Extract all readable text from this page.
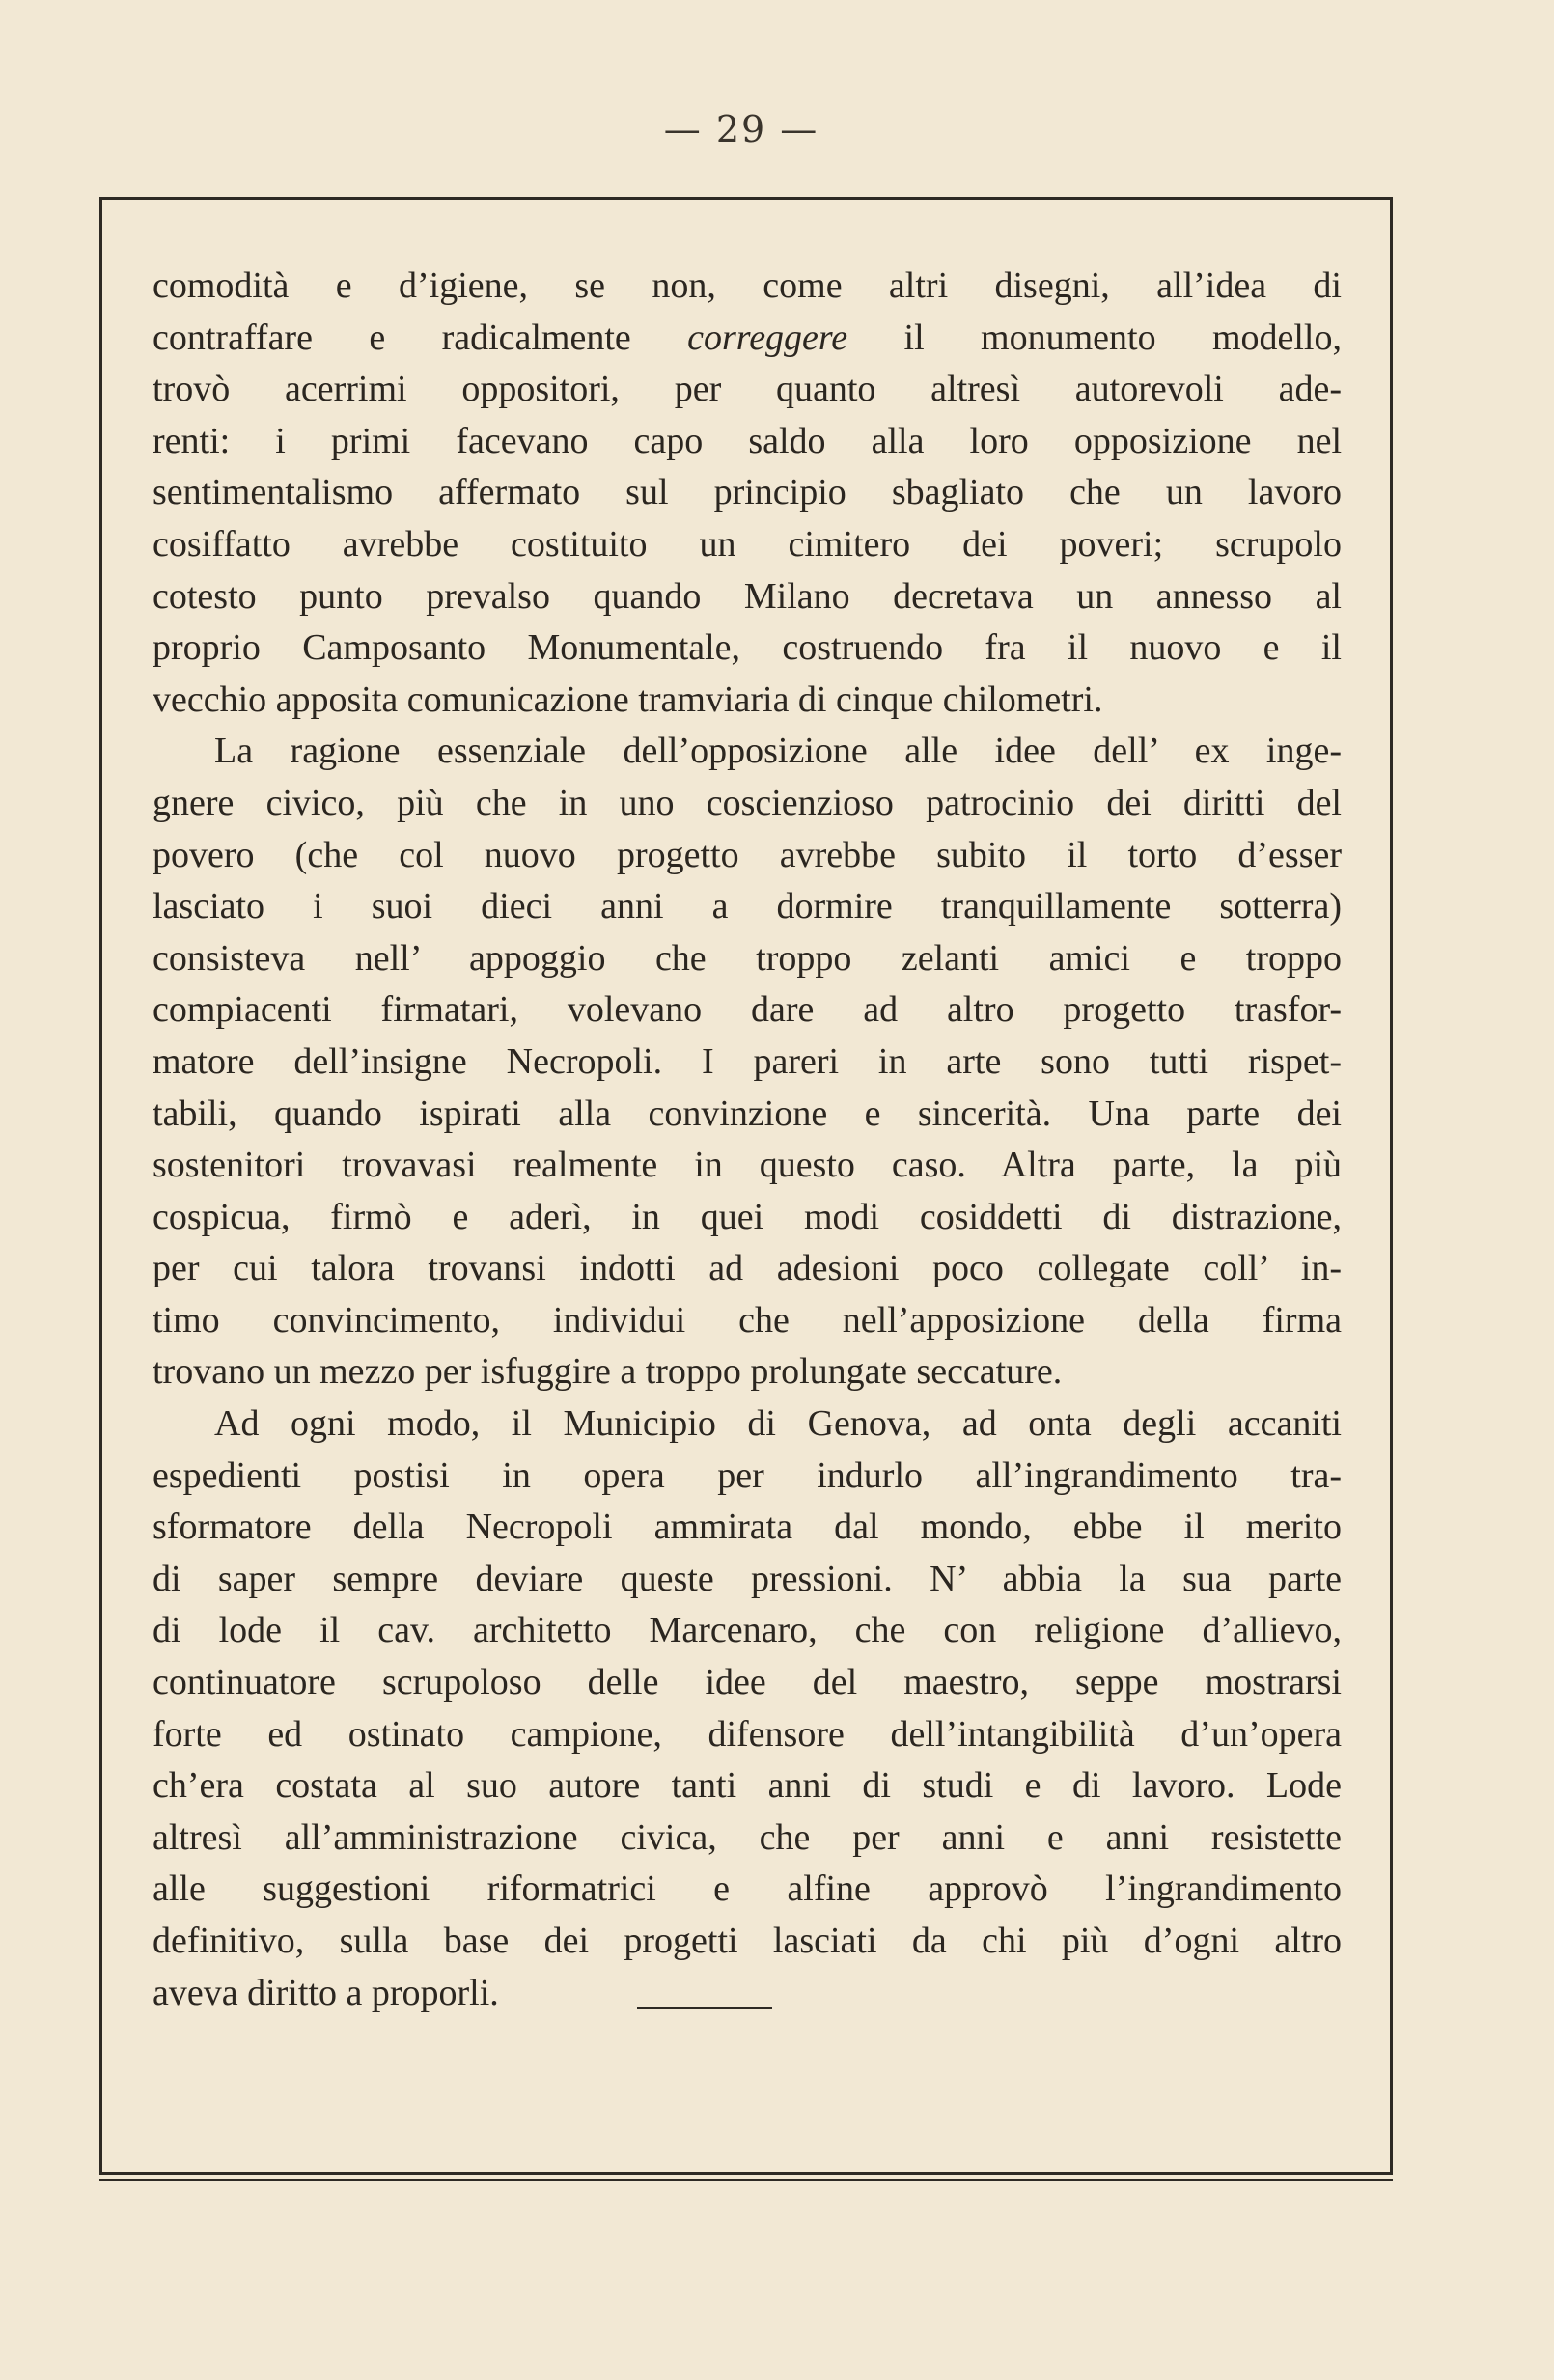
— 29 —
comodità e d’igiene, se non, come altri disegni, all’idea di
contraffare e radicalmente correggere il monumento modello,
trovò acerrimi oppositori, per quanto altresì autorevoli ade-
renti: i primi facevano capo saldo alla loro opposizione nel
sentimentalismo affermato sul principio sbagliato che un lavoro
cosiffatto avrebbe costituito un cimitero dei poveri; scrupolo
cotesto punto prevalso quando Milano decretava un annesso al
proprio Camposanto Monumentale, costruendo fra il nuovo e il
vecchio apposita comunicazione tramviaria di cinque chilometri.
La ragione essenziale dell’opposizione alle idee dell’ ex inge-
gnere civico, più che in uno coscienzioso patrocinio dei diritti del
povero (che col nuovo progetto avrebbe subito il torto d’esser
lasciato i suoi dieci anni a dormire tranquillamente sotterra)
consisteva nell’ appoggio che troppo zelanti amici e troppo
compiacenti firmatari, volevano dare ad altro progetto trasfor-
matore dell’insigne Necropoli. I pareri in arte sono tutti rispet-
tabili, quando ispirati alla convinzione e sincerità. Una parte dei
sostenitori trovavasi realmente in questo caso. Altra parte, la più
cospicua, firmò e aderì, in quei modi cosiddetti di distrazione,
per cui talora trovansi indotti ad adesioni poco collegate coll’ in-
timo convincimento, individui che nell’apposizione della firma
trovano un mezzo per isfuggire a troppo prolungate seccature.
Ad ogni modo, il Municipio di Genova, ad onta degli accaniti
espedienti postisi in opera per indurlo all’ingrandimento tra-
sformatore della Necropoli ammirata dal mondo, ebbe il merito
di saper sempre deviare queste pressioni. N’ abbia la sua parte
di lode il cav. architetto Marcenaro, che con religione d’allievo,
continuatore scrupoloso delle idee del maestro, seppe mostrarsi
forte ed ostinato campione, difensore dell’intangibilità d’un’opera
ch’era costata al suo autore tanti anni di studi e di lavoro. Lode
altresì all’amministrazione civica, che per anni e anni resistette
alle suggestioni riformatrici e alfine approvò l’ingrandimento
definitivo, sulla base dei progetti lasciati da chi più d’ogni altro
aveva diritto a proporli.
